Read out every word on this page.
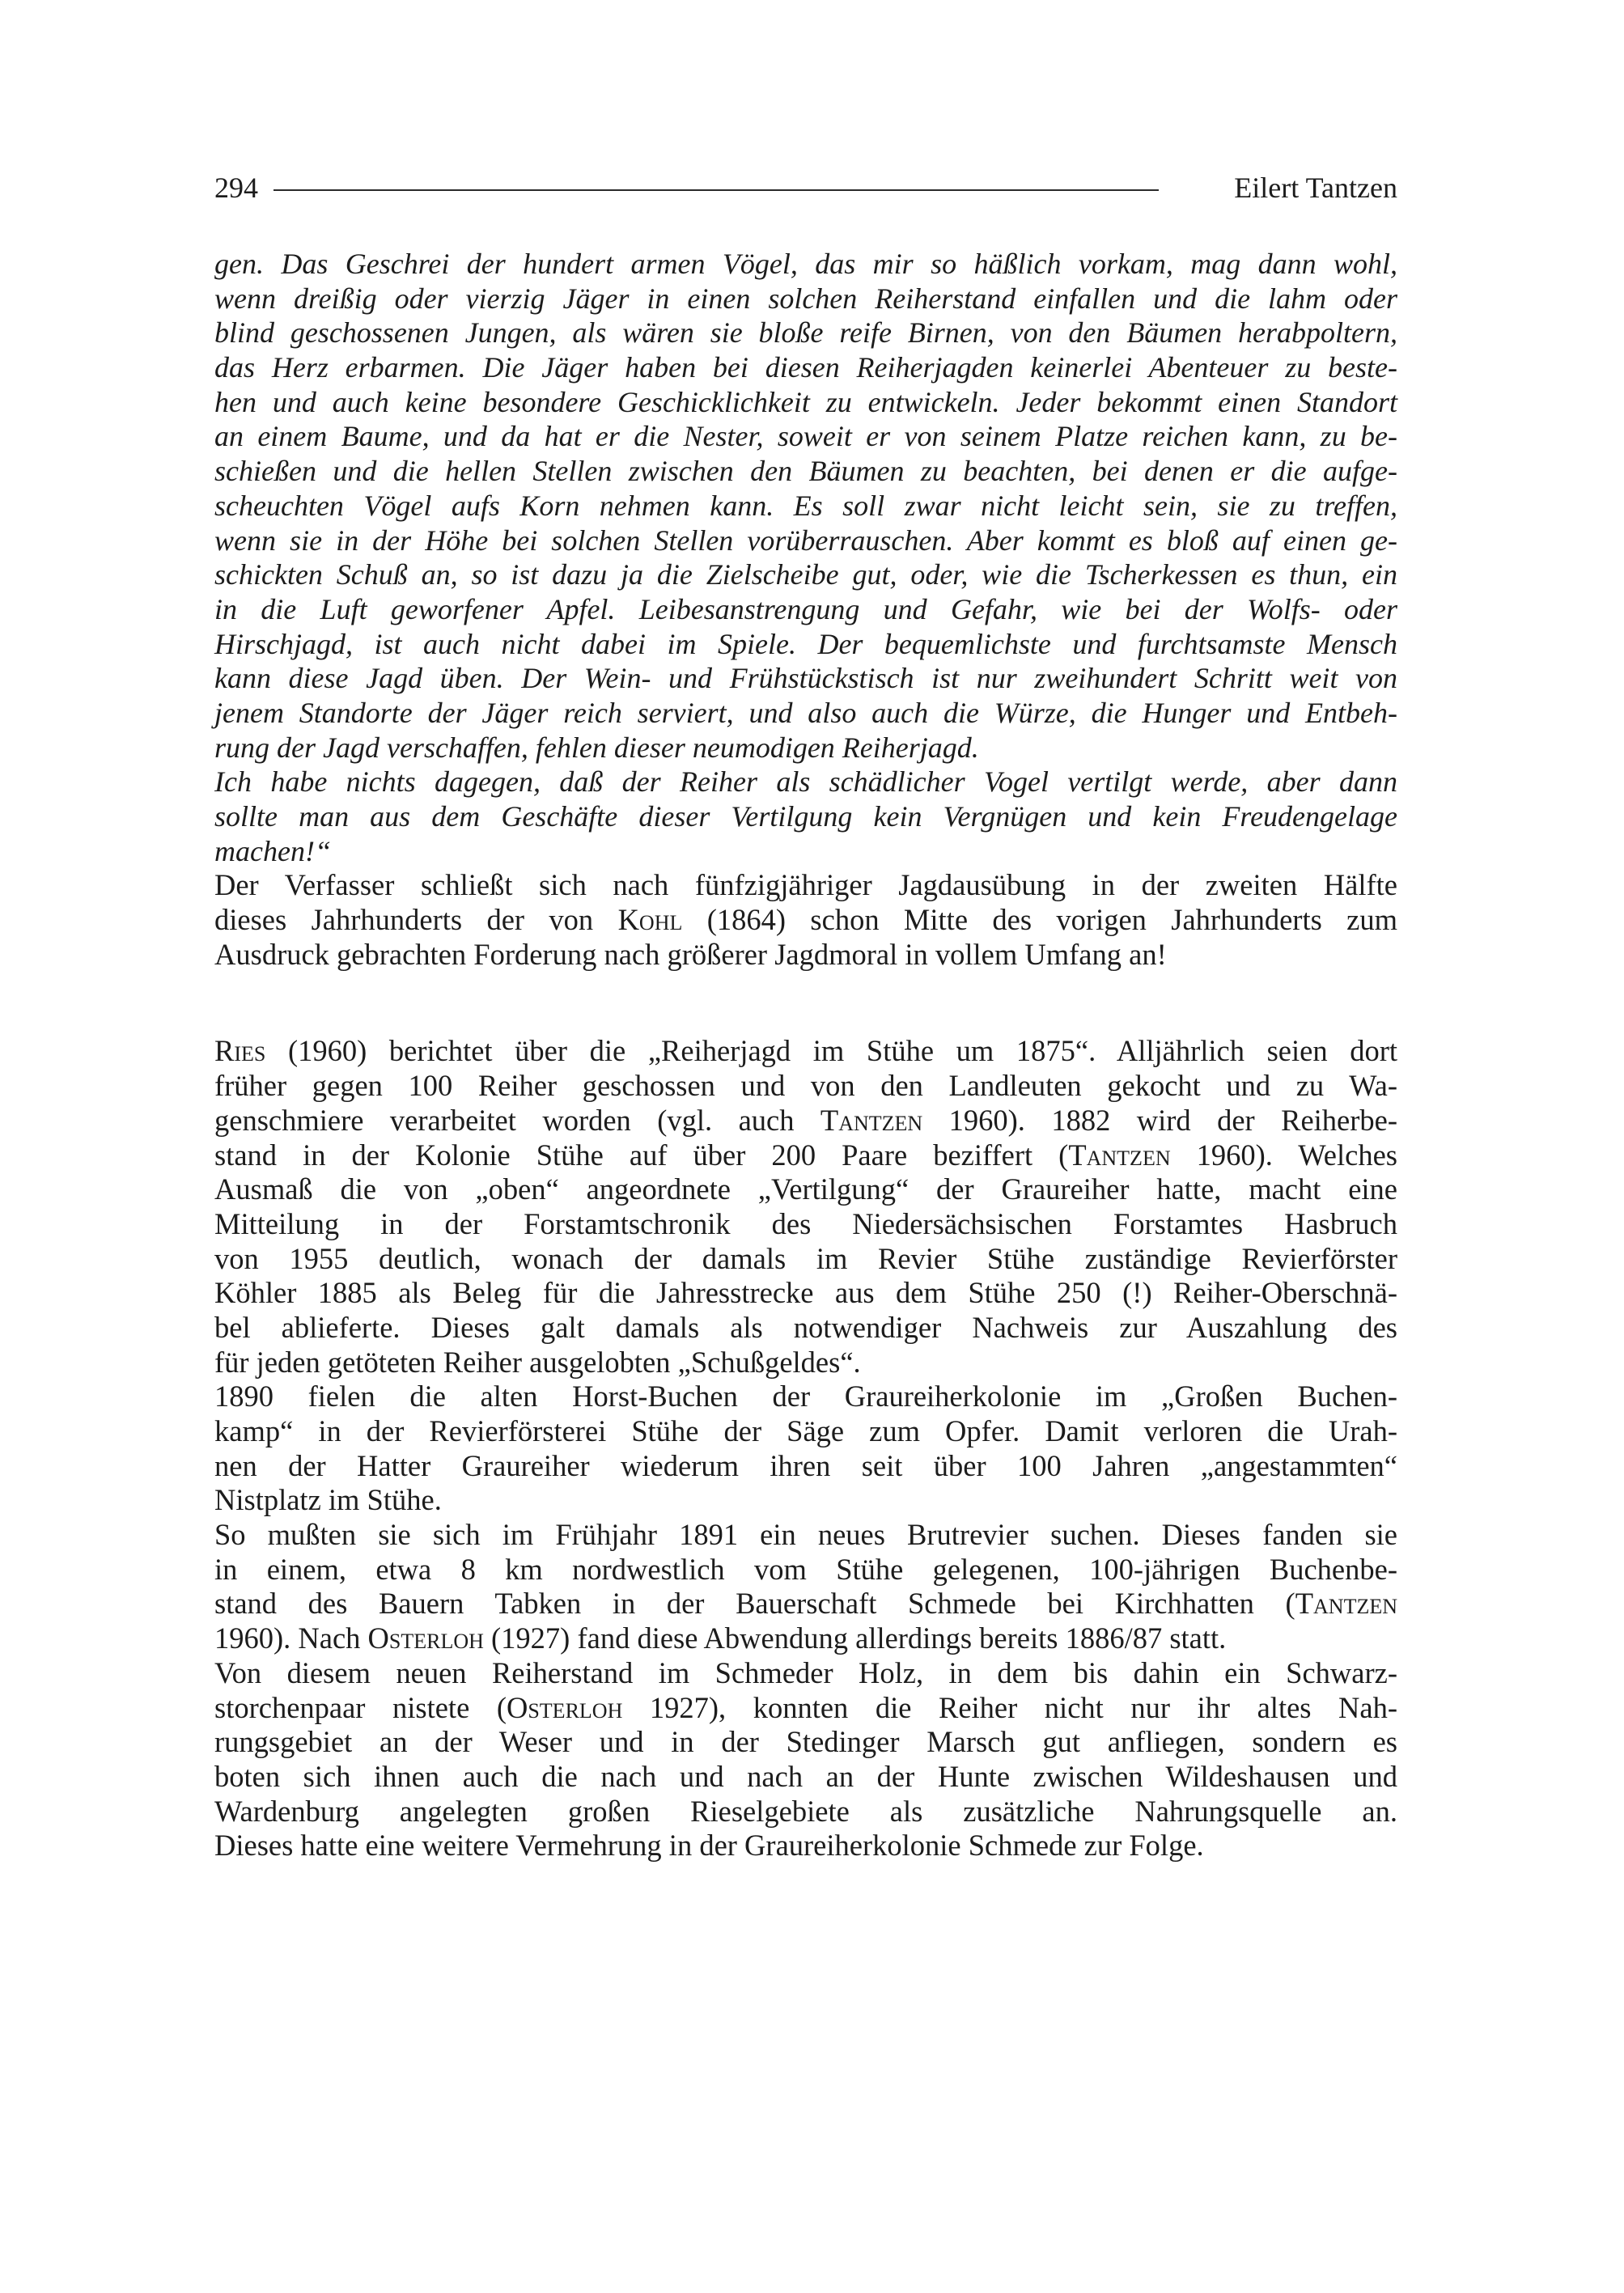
294	Eilert Tantzen
gen. Das Geschrei der hundert armen Vögel, das mir so häßlich vorkam, mag dann wohl,
wenn dreißig oder vierzig Jäger in einen solchen Reiherstand einfallen und die lahm oder
blind geschossenen Jungen, als wären sie bloße reife Birnen, von den Bäumen herabpoltern,
das Herz erbarmen. Die Jäger haben bei diesen Reiherjagden keinerlei Abenteuer zu beste-
hen und auch keine besondere Geschicklichkeit zu entwickeln. Jeder bekommt einen Standort
an einem Baume, und da hat er die Nester, soweit er von seinem Platze reichen kann, zu be-
schießen und die hellen Stellen zwischen den Bäumen zu beachten, bei denen er die aufge-
scheuchten Vögel aufs Korn nehmen kann. Es soll zwar nicht leicht sein, sie zu treffen,
wenn sie in der Höhe bei solchen Stellen vorüberrauschen. Aber kommt es bloß auf einen ge-
schickten Schuß an, so ist dazu ja die Zielscheibe gut, oder, wie die Tscherkessen es thun, ein
in die Luft geworfener Apfel. Leibesanstrengung und Gefahr, wie bei der Wolfs- oder
Hirschjagd, ist auch nicht dabei im Spiele. Der bequemlichste und furchtsamste Mensch
kann diese Jagd üben. Der Wein- und Frühstückstisch ist nur zweihundert Schritt weit von
jenem Standorte der Jäger reich serviert, und also auch die Würze, die Hunger und Entbeh-
rung der Jagd verschaffen, fehlen dieser neumodigen Reiherjagd.
Ich habe nichts dagegen, daß der Reiher als schädlicher Vogel vertilgt werde, aber dann
sollte man aus dem Geschäfte dieser Vertilgung kein Vergnügen und kein Freudengelage
machen!“
Der Verfasser schließt sich nach fünfzigjähriger Jagdausübung in der zweiten Hälfte
dieses Jahrhunderts der von Kohl (1864) schon Mitte des vorigen Jahrhunderts zum
Ausdruck gebrachten Forderung nach größerer Jagdmoral in vollem Umfang an!
Ries (1960) berichtet über die „Reiherjagd im Stühe um 1875“. Alljährlich seien dort
früher gegen 100 Reiher geschossen und von den Landleuten gekocht und zu Wa-
genschmiere verarbeitet worden (vgl. auch Tantzen 1960). 1882 wird der Reiherbe-
stand in der Kolonie Stühe auf über 200 Paare beziffert (Tantzen 1960). Welches
Ausmaß die von „oben“ angeordnete „Vertilgung“ der Graureiher hatte, macht eine
Mitteilung in der Forstamtschronik des Niedersächsischen Forstamtes Hasbruch
von 1955 deutlich, wonach der damals im Revier Stühe zuständige Revierförster
Köhler 1885 als Beleg für die Jahresstrecke aus dem Stühe 250 (!) Reiher-Oberschnä-
bel ablieferte. Dieses galt damals als notwendiger Nachweis zur Auszahlung des
für jeden getöteten Reiher ausgelobten „Schußgeldes“.
1890 fielen die alten Horst-Buchen der Graureiherkolonie im „Großen Buchen-
kamp“ in der Revierförsterei Stühe der Säge zum Opfer. Damit verloren die Urah-
nen der Hatter Graureiher wiederum ihren seit über 100 Jahren „angestammten“
Nistplatz im Stühe.
So mußten sie sich im Frühjahr 1891 ein neues Brutrevier suchen. Dieses fanden sie
in einem, etwa 8 km nordwestlich vom Stühe gelegenen, 100-jährigen Buchenbe-
stand des Bauern Tabken in der Bauerschaft Schmede bei Kirchhatten (Tantzen
1960). Nach Osterloh (1927) fand diese Abwendung allerdings bereits 1886/87 statt.
Von diesem neuen Reiherstand im Schmeder Holz, in dem bis dahin ein Schwarz-
storchenpaar nistete (Osterloh 1927), konnten die Reiher nicht nur ihr altes Nah-
rungsgebiet an der Weser und in der Stedinger Marsch gut anfliegen, sondern es
boten sich ihnen auch die nach und nach an der Hunte zwischen Wildeshausen und
Wardenburg angelegten großen Rieselgebiete als zusätzliche Nahrungsquelle an.
Dieses hatte eine weitere Vermehrung in der Graureiherkolonie Schmede zur Folge.
